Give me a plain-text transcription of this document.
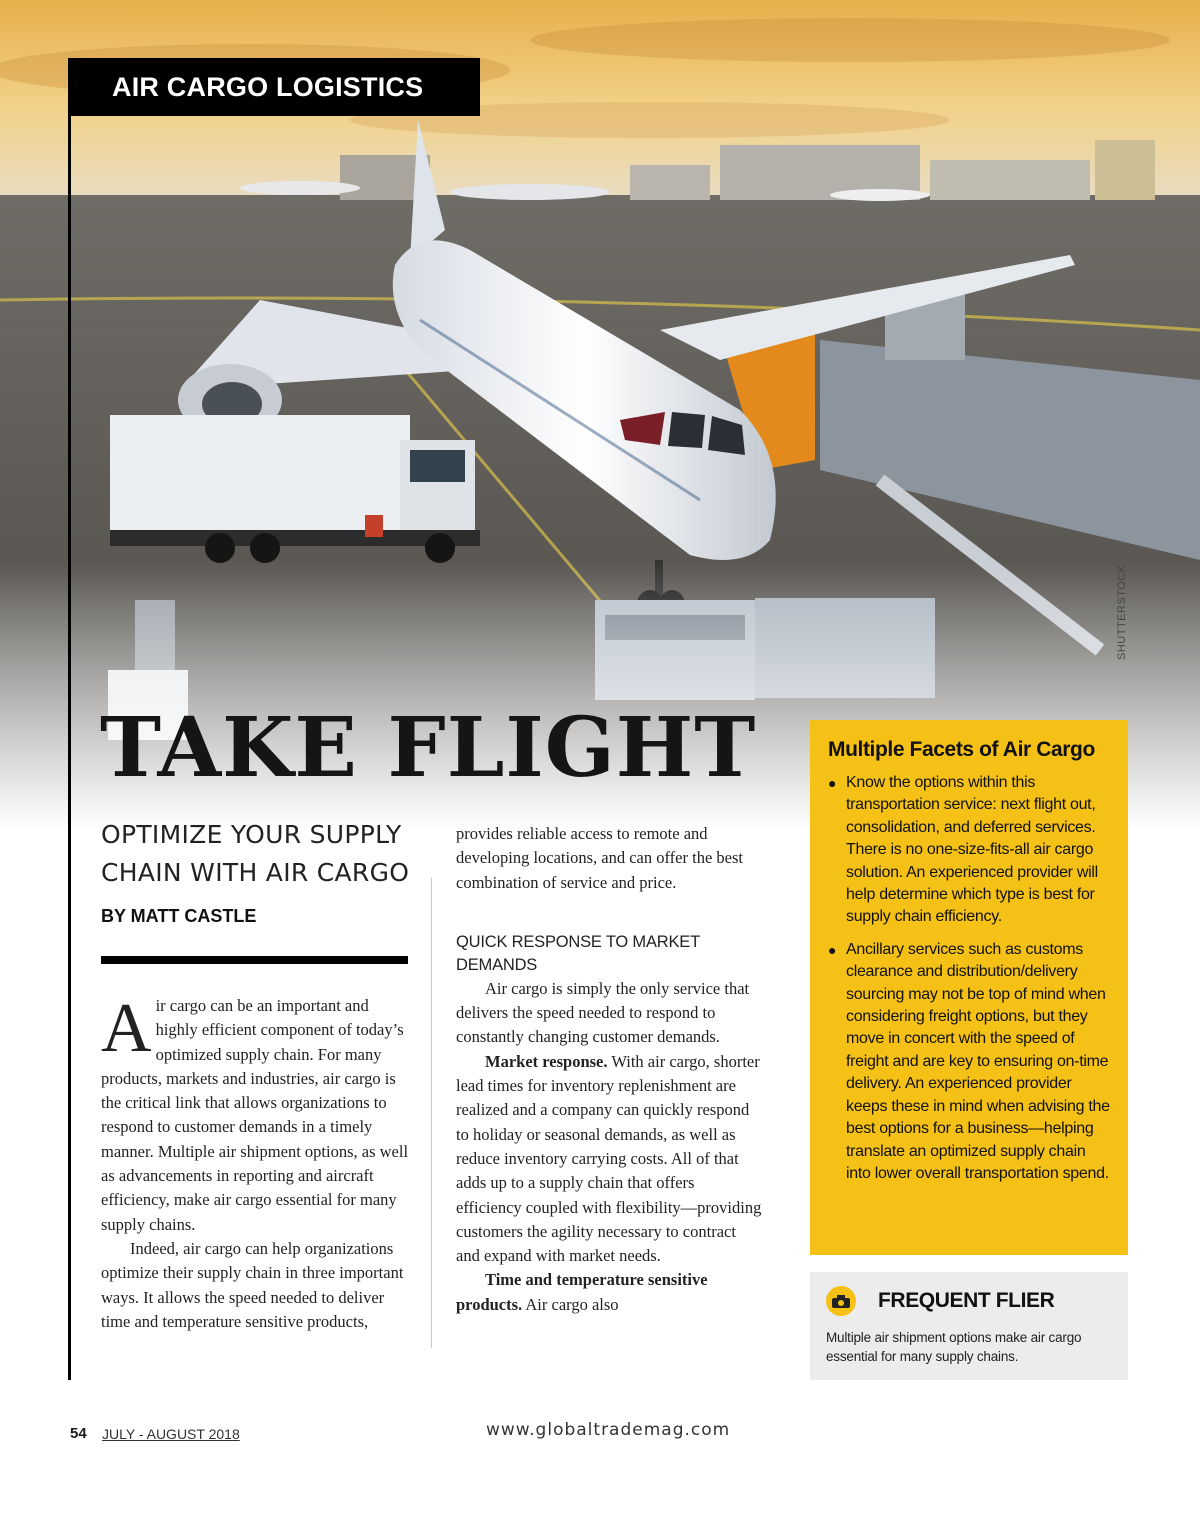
AIR CARGO LOGISTICS
SHUTTERSTOCK
TAKE FLIGHT
OPTIMIZE YOUR SUPPLY CHAIN WITH AIR CARGO
BY MATT CASTLE

Air cargo can be an important and highly efficient component of today’s optimized supply chain. For many products, markets and industries, air cargo is the critical link that allows organizations to respond to customer demands in a timely manner. Multiple air shipment options, as well as advancements in reporting and aircraft efficiency, make air cargo essential for many supply chains.

Indeed, air cargo can help organizations optimize their supply chain in three important ways. It allows the speed needed to deliver time and temperature sensitive products,

provides reliable access to remote and developing locations, and can offer the best combination of service and price.

QUICK RESPONSE TO MARKET DEMANDS

Air cargo is simply the only service that delivers the speed needed to respond to constantly changing customer demands.

Market response. With air cargo, shorter lead times for inventory replenishment are realized and a company can quickly respond to holiday or seasonal demands, as well as reduce inventory carrying costs. All of that adds up to a supply chain that offers efficiency coupled with flexibility—providing customers the agility necessary to contract and expand with market needs.

Time and temperature sensitive products. Air cargo also

Multiple Facets of Air Cargo
● Know the options within this transportation service: next flight out, consolidation, and deferred services. There is no one-size-fits-all air cargo solution. An experienced provider will help determine which type is best for supply chain efficiency.
● Ancillary services such as customs clearance and distribution/delivery sourcing may not be top of mind when considering freight options, but they move in concert with the speed of freight and are key to ensuring on-time delivery. An experienced provider keeps these in mind when advising the best options for a business—helping translate an optimized supply chain into lower overall transportation spend.
FREQUENT FLIER
Multiple air shipment options make air cargo essential for many supply chains.
54 JULY - AUGUST 2018	www.globaltrademag.com
